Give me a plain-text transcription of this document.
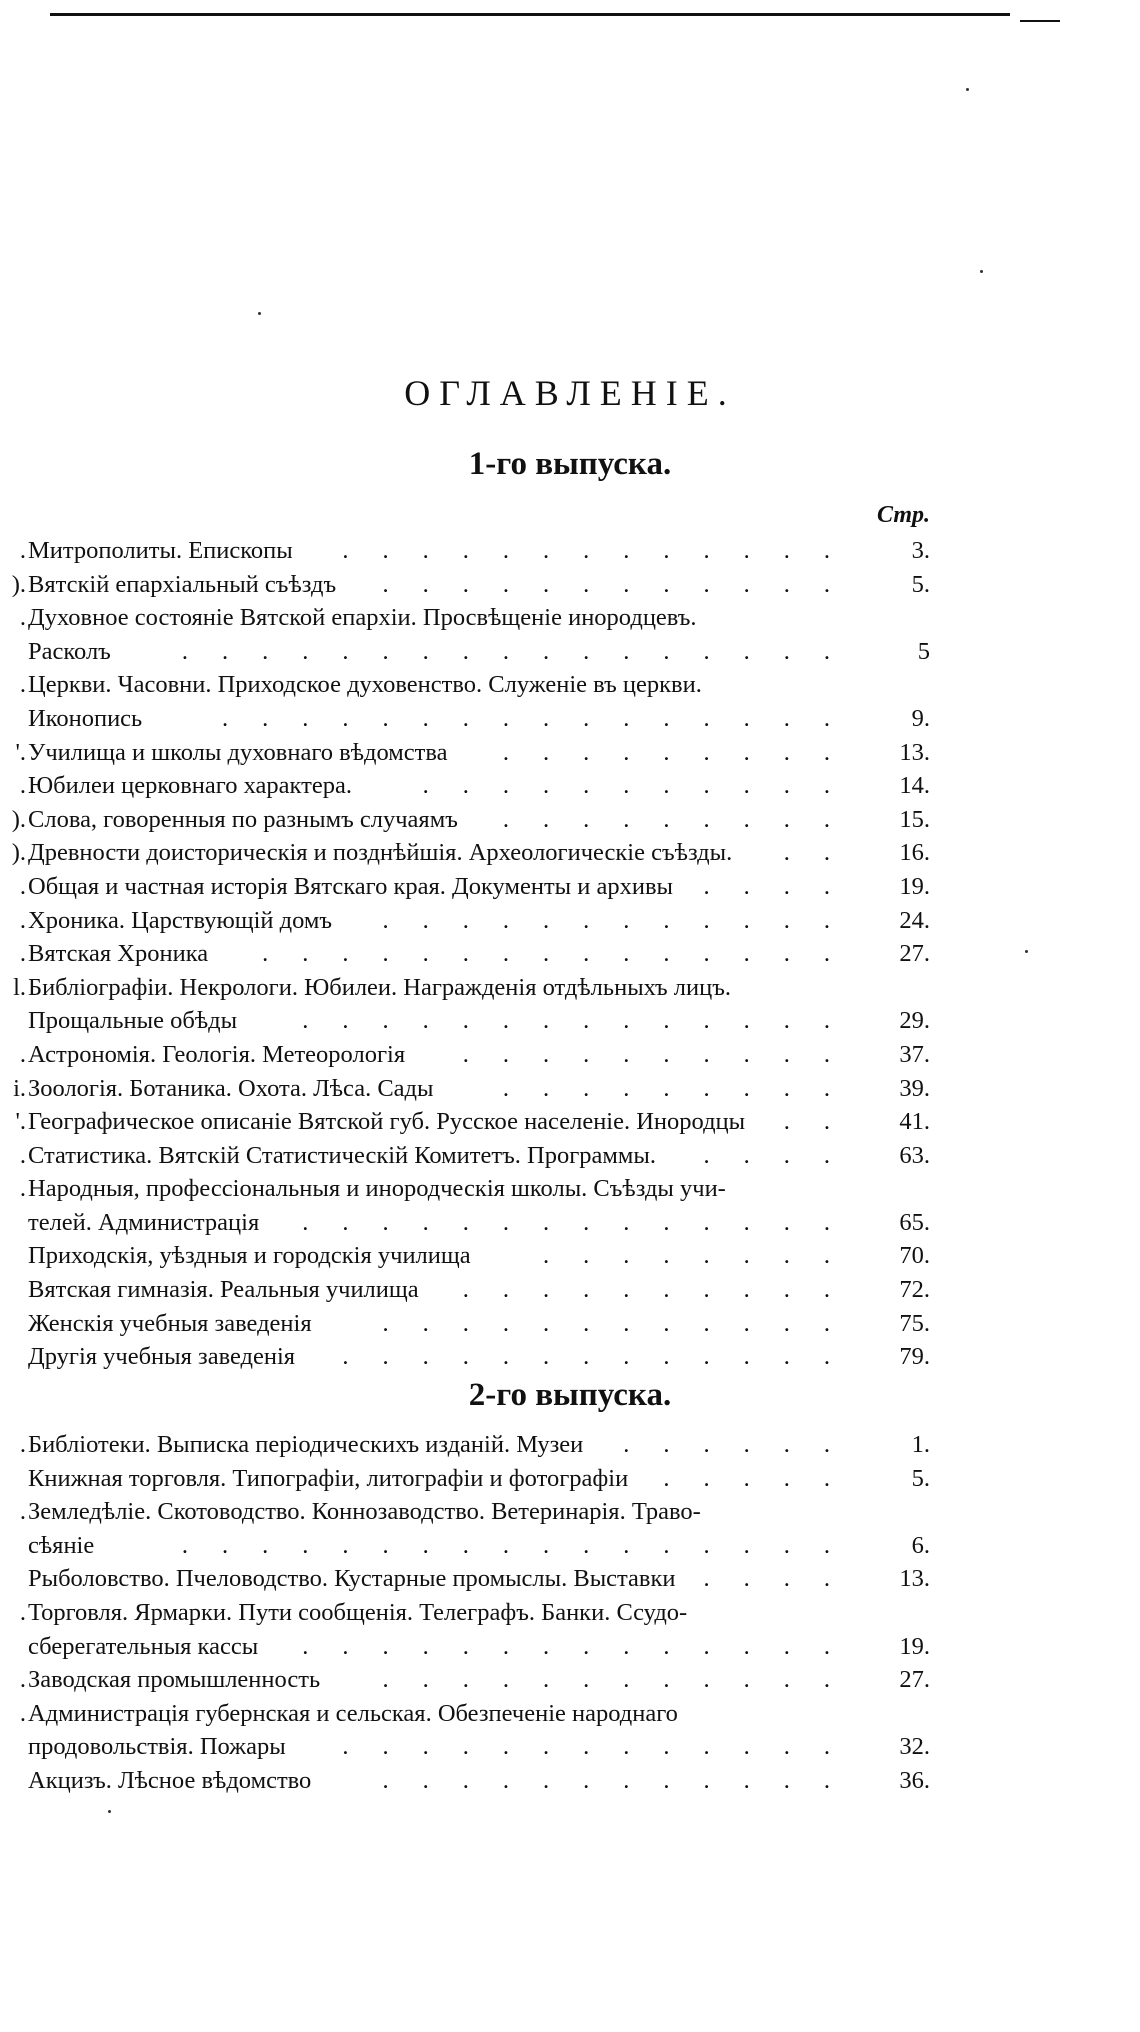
ОГЛАВЛЕНІЕ.
1-го выпуска.
Стр.
. Митрополиты. Епископы	3.
.............
). Вятскій епархіальный съѣздъ	5.
............
. Духовное состояніе Вятской епархіи. Просвѣщеніе инородцевъ.
Расколъ	5
.................
. Церкви. Часовни. Приходское духовенство. Служеніе въ церкви.
Иконопись	9.
................
'. Училища и школы духовнаго вѣдомства	13.
.........
. Юбилеи церковнаго характера.	14.
...........
). Слова, говоренныя по разнымъ случаямъ	15.
.........
). Древности доисторическія и позднѣйшія. Археологическіе съѣзды.	16.
..
. Общая и частная исторія Вятскаго края. Документы и архивы	19.
....
. Хроника. Царствующій домъ	24.
............
. Вятская Хроника	27.
...............
l. Библіографіи. Некрологи. Юбилеи. Награжденія отдѣльныхъ лицъ.
Прощальные обѣды	29.
..............
. Астрономія. Геологія. Метеорологія	37.
..........
i. Зоологія. Ботаника. Охота. Лѣса. Сады	39.
.........
'. Географическое описаніе Вятской губ. Русское населеніе. Инородцы	41.
..
. Статистика. Вятскій Статистическій Комитетъ. Программы.	63.
....
. Народныя, профессіональныя и инородческія школы. Съѣзды учи-
телей. Администрація	65.
..............
Приходскія, уѣздныя и городскія училища	70.
........
Вятская гимназія. Реальныя училища	72.
..........
Женскія учебныя заведенія	75.
............
Другія учебныя заведенія	79.
.............
2-го выпуска.
. Библіотеки. Выписка періодическихъ изданій. Музеи	1.
......
Книжная торговля. Типографіи, литографіи и фотографіи	5.
.....
. Земледѣліе. Скотоводство. Коннозаводство. Ветеринарія. Траво-
сѣяніе	6.
.................
Рыболовство. Пчеловодство. Кустарные промыслы. Выставки	13.
....
. Торговля. Ярмарки. Пути сообщенія. Телеграфъ. Банки. Ссудо-
сберегательныя кассы	19.
..............
. Заводская промышленность	27.
............
. Администрація губернская и сельская. Обезпеченіе народнаго
продовольствія. Пожары	32.
.............
Акцизъ. Лѣсное вѣдомство	36.
............
